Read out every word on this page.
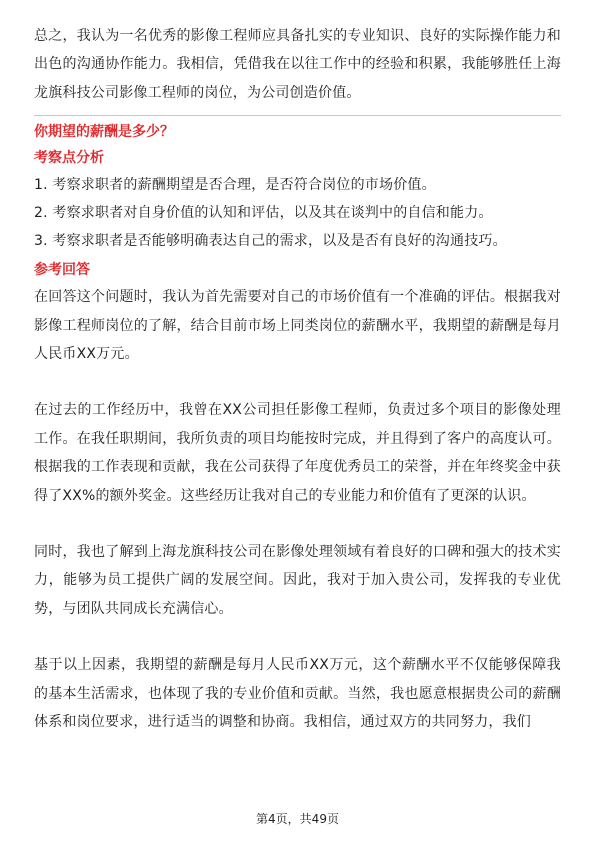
总之，我认为一名优秀的影像工程师应具备扎实的专业知识、良好的实际操作能力和出色的沟通协作能力。我相信，凭借我在以往工作中的经验和积累，我能够胜任上海龙旗科技公司影像工程师的岗位，为公司创造价值。

你期望的薪酬是多少？
考察点分析
1. 考察求职者的薪酬期望是否合理，是否符合岗位的市场价值。
2. 考察求职者对自身价值的认知和评估，以及其在谈判中的自信和能力。
3. 考察求职者是否能够明确表达自己的需求，以及是否有良好的沟通技巧。
参考回答

在回答这个问题时，我认为首先需要对自己的市场价值有一个准确的评估。根据我对影像工程师岗位的了解，结合目前市场上同类岗位的薪酬水平，我期望的薪酬是每月人民币XX万元。

在过去的工作经历中，我曾在XX公司担任影像工程师，负责过多个项目的影像处理工作。在我任职期间，我所负责的项目均能按时完成，并且得到了客户的高度认可。根据我的工作表现和贡献，我在公司获得了年度优秀员工的荣誉，并在年终奖金中获得了XX%的额外奖金。这些经历让我对自己的专业能力和价值有了更深的认识。

同时，我也了解到上海龙旗科技公司在影像处理领域有着良好的口碑和强大的技术实力，能够为员工提供广阔的发展空间。因此，我对于加入贵公司，发挥我的专业优势，与团队共同成长充满信心。

基于以上因素，我期望的薪酬是每月人民币XX万元，这个薪酬水平不仅能够保障我的基本生活需求，也体现了我的专业价值和贡献。当然，我也愿意根据贵公司的薪酬体系和岗位要求，进行适当的调整和协商。我相信，通过双方的共同努力，我们

第4页，共49页
